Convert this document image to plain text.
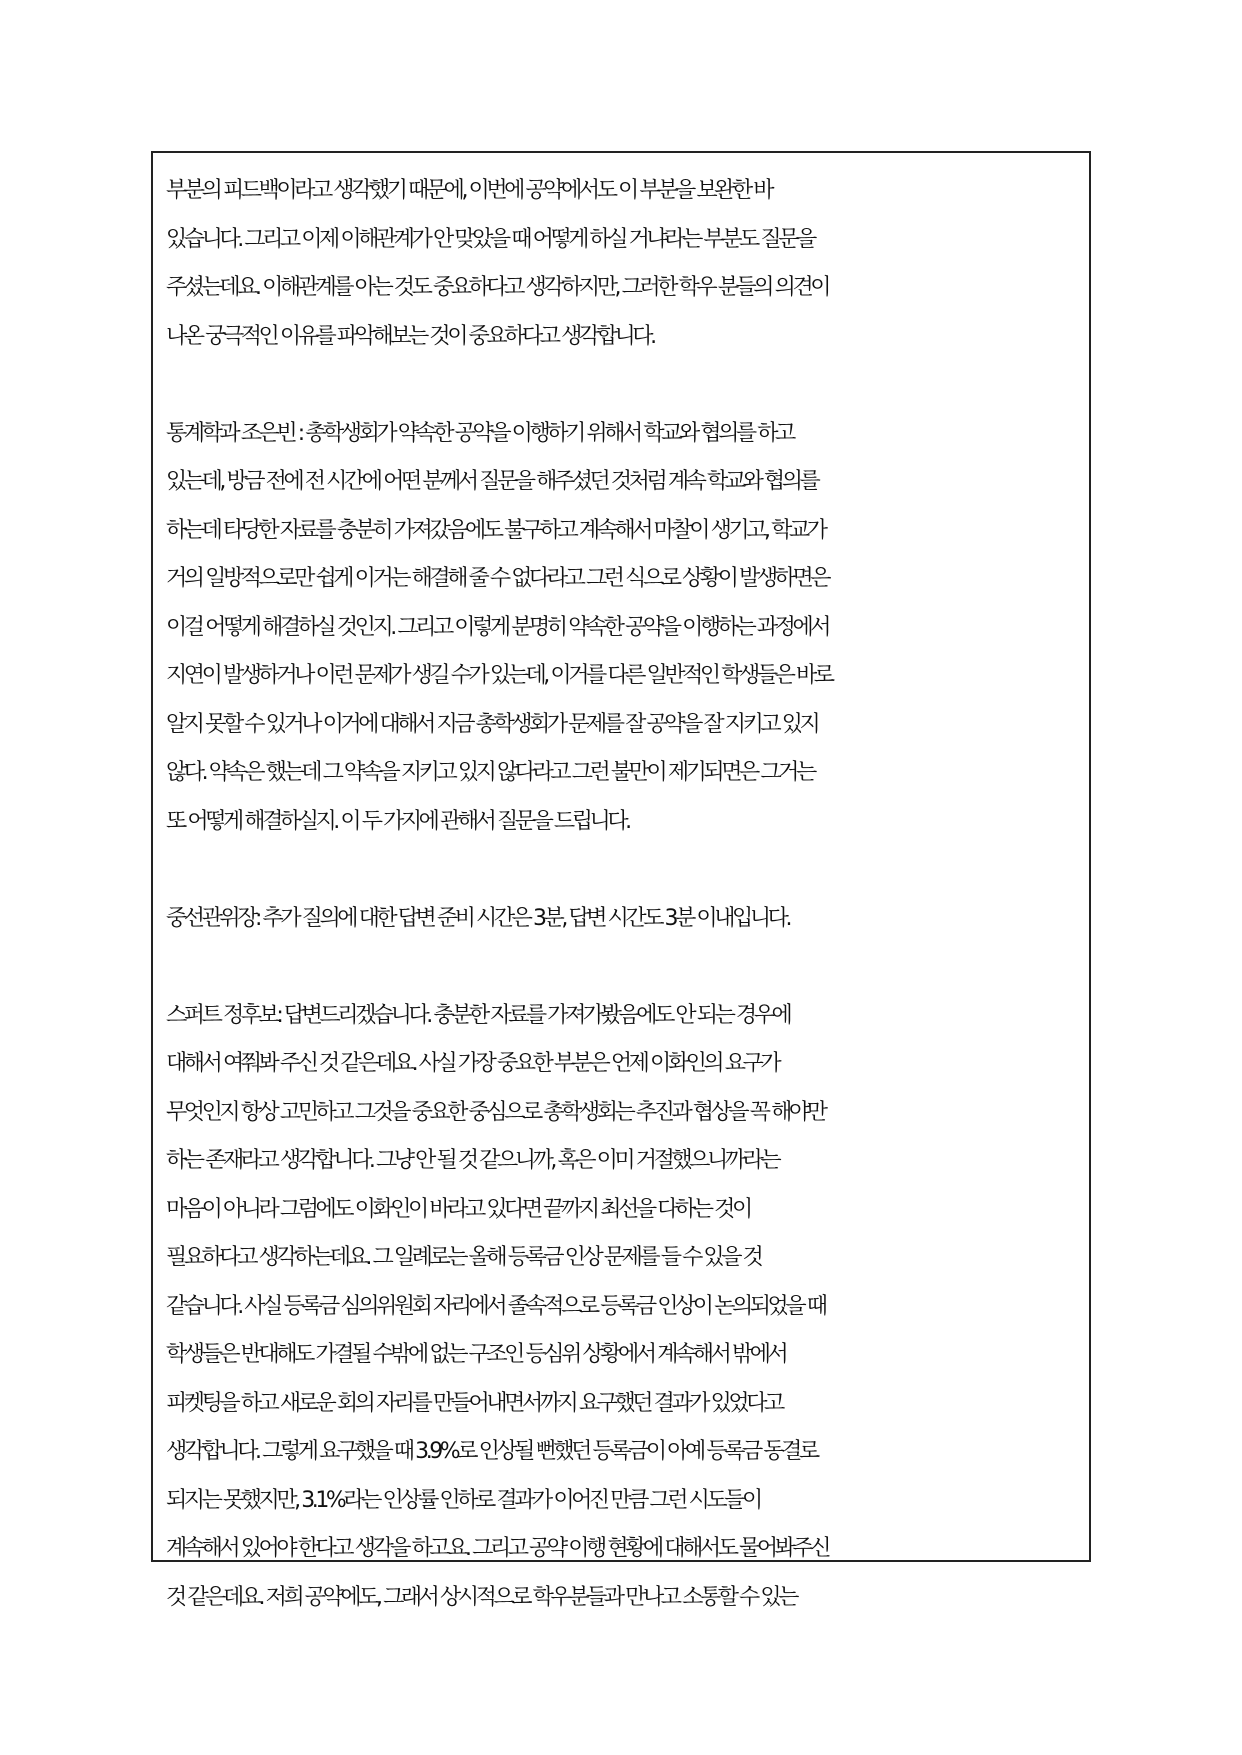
부분의 피드백이라고 생각했기 때문에, 이번에 공약에서도 이 부분을 보완한 바
있습니다. 그리고 이제 이해관계가 안 맞았을 때 어떻게 하실 거냐라는 부분도 질문을
주셨는데요. 이해관계를 아는 것도 중요하다고 생각하지만, 그러한 학우 분들의 의견이
나온 궁극적인 이유를 파악해보는 것이 중요하다고 생각합니다.
통계학과 조은빈 : 총학생회가 약속한 공약을 이행하기 위해서 학교와 협의를 하고
있는데, 방금 전에 전 시간에 어떤 분께서 질문을 해주셨던 것처럼 계속 학교와 협의를
하는데 타당한 자료를 충분히 가져갔음에도 불구하고 계속해서 마찰이 생기고, 학교가
거의 일방적으로만 쉽게 이거는 해결해 줄 수 없다라고 그런 식으로 상황이 발생하면은
이걸 어떻게 해결하실 것인지. 그리고 이렇게 분명히 약속한 공약을 이행하는 과정에서
지연이 발생하거나 이런 문제가 생길 수가 있는데, 이거를 다른 일반적인 학생들은 바로
알지 못할 수 있거나 이거에 대해서 지금 총학생회가 문제를 잘 공약을 잘 지키고 있지
않다. 약속은 했는데 그 약속을 지키고 있지 않다라고 그런 불만이 제기되면은 그거는
또 어떻게 해결하실지. 이 두 가지에 관해서 질문을 드립니다.
중선관위장: 추가 질의에 대한 답변 준비 시간은 3분, 답변 시간도 3분 이내입니다.
스퍼트 정후보: 답변드리겠습니다. 충분한 자료를 가져가봤음에도 안 되는 경우에
대해서 여쭤봐 주신 것 같은데요. 사실 가장 중요한 부분은 언제 이화인의 요구가
무엇인지 항상 고민하고 그것을 중요한 중심으로 총학생회는 추진과 협상을 꼭 해야만
하는 존재라고 생각합니다. 그냥 안 될 것 같으니까, 혹은 이미 거절했으니까라는
마음이 아니라 그럼에도 이화인이 바라고 있다면 끝까지 최선을 다하는 것이
필요하다고 생각하는데요. 그 일례로는 올해 등록금 인상 문제를 들 수 있을 것
같습니다. 사실 등록금 심의위원회 자리에서 졸속적으로 등록금 인상이 논의되었을 때
학생들은 반대해도 가결될 수밖에 없는 구조인 등심위 상황에서 계속해서 밖에서
피켓팅을 하고 새로운 회의 자리를 만들어내면서까지 요구했던 결과가 있었다고
생각합니다. 그렇게 요구했을 때 3.9%로 인상될 뻔했던 등록금이 아예 등록금 동결로
되지는 못했지만, 3.1%라는 인상률 인하로 결과가 이어진 만큼 그런 시도들이
계속해서 있어야 한다고 생각을 하고요. 그리고 공약 이행 현황에 대해서도 물어봐주신
것 같은데요. 저희 공약에도, 그래서 상시적으로 학우분들과 만나고 소통할 수 있는
